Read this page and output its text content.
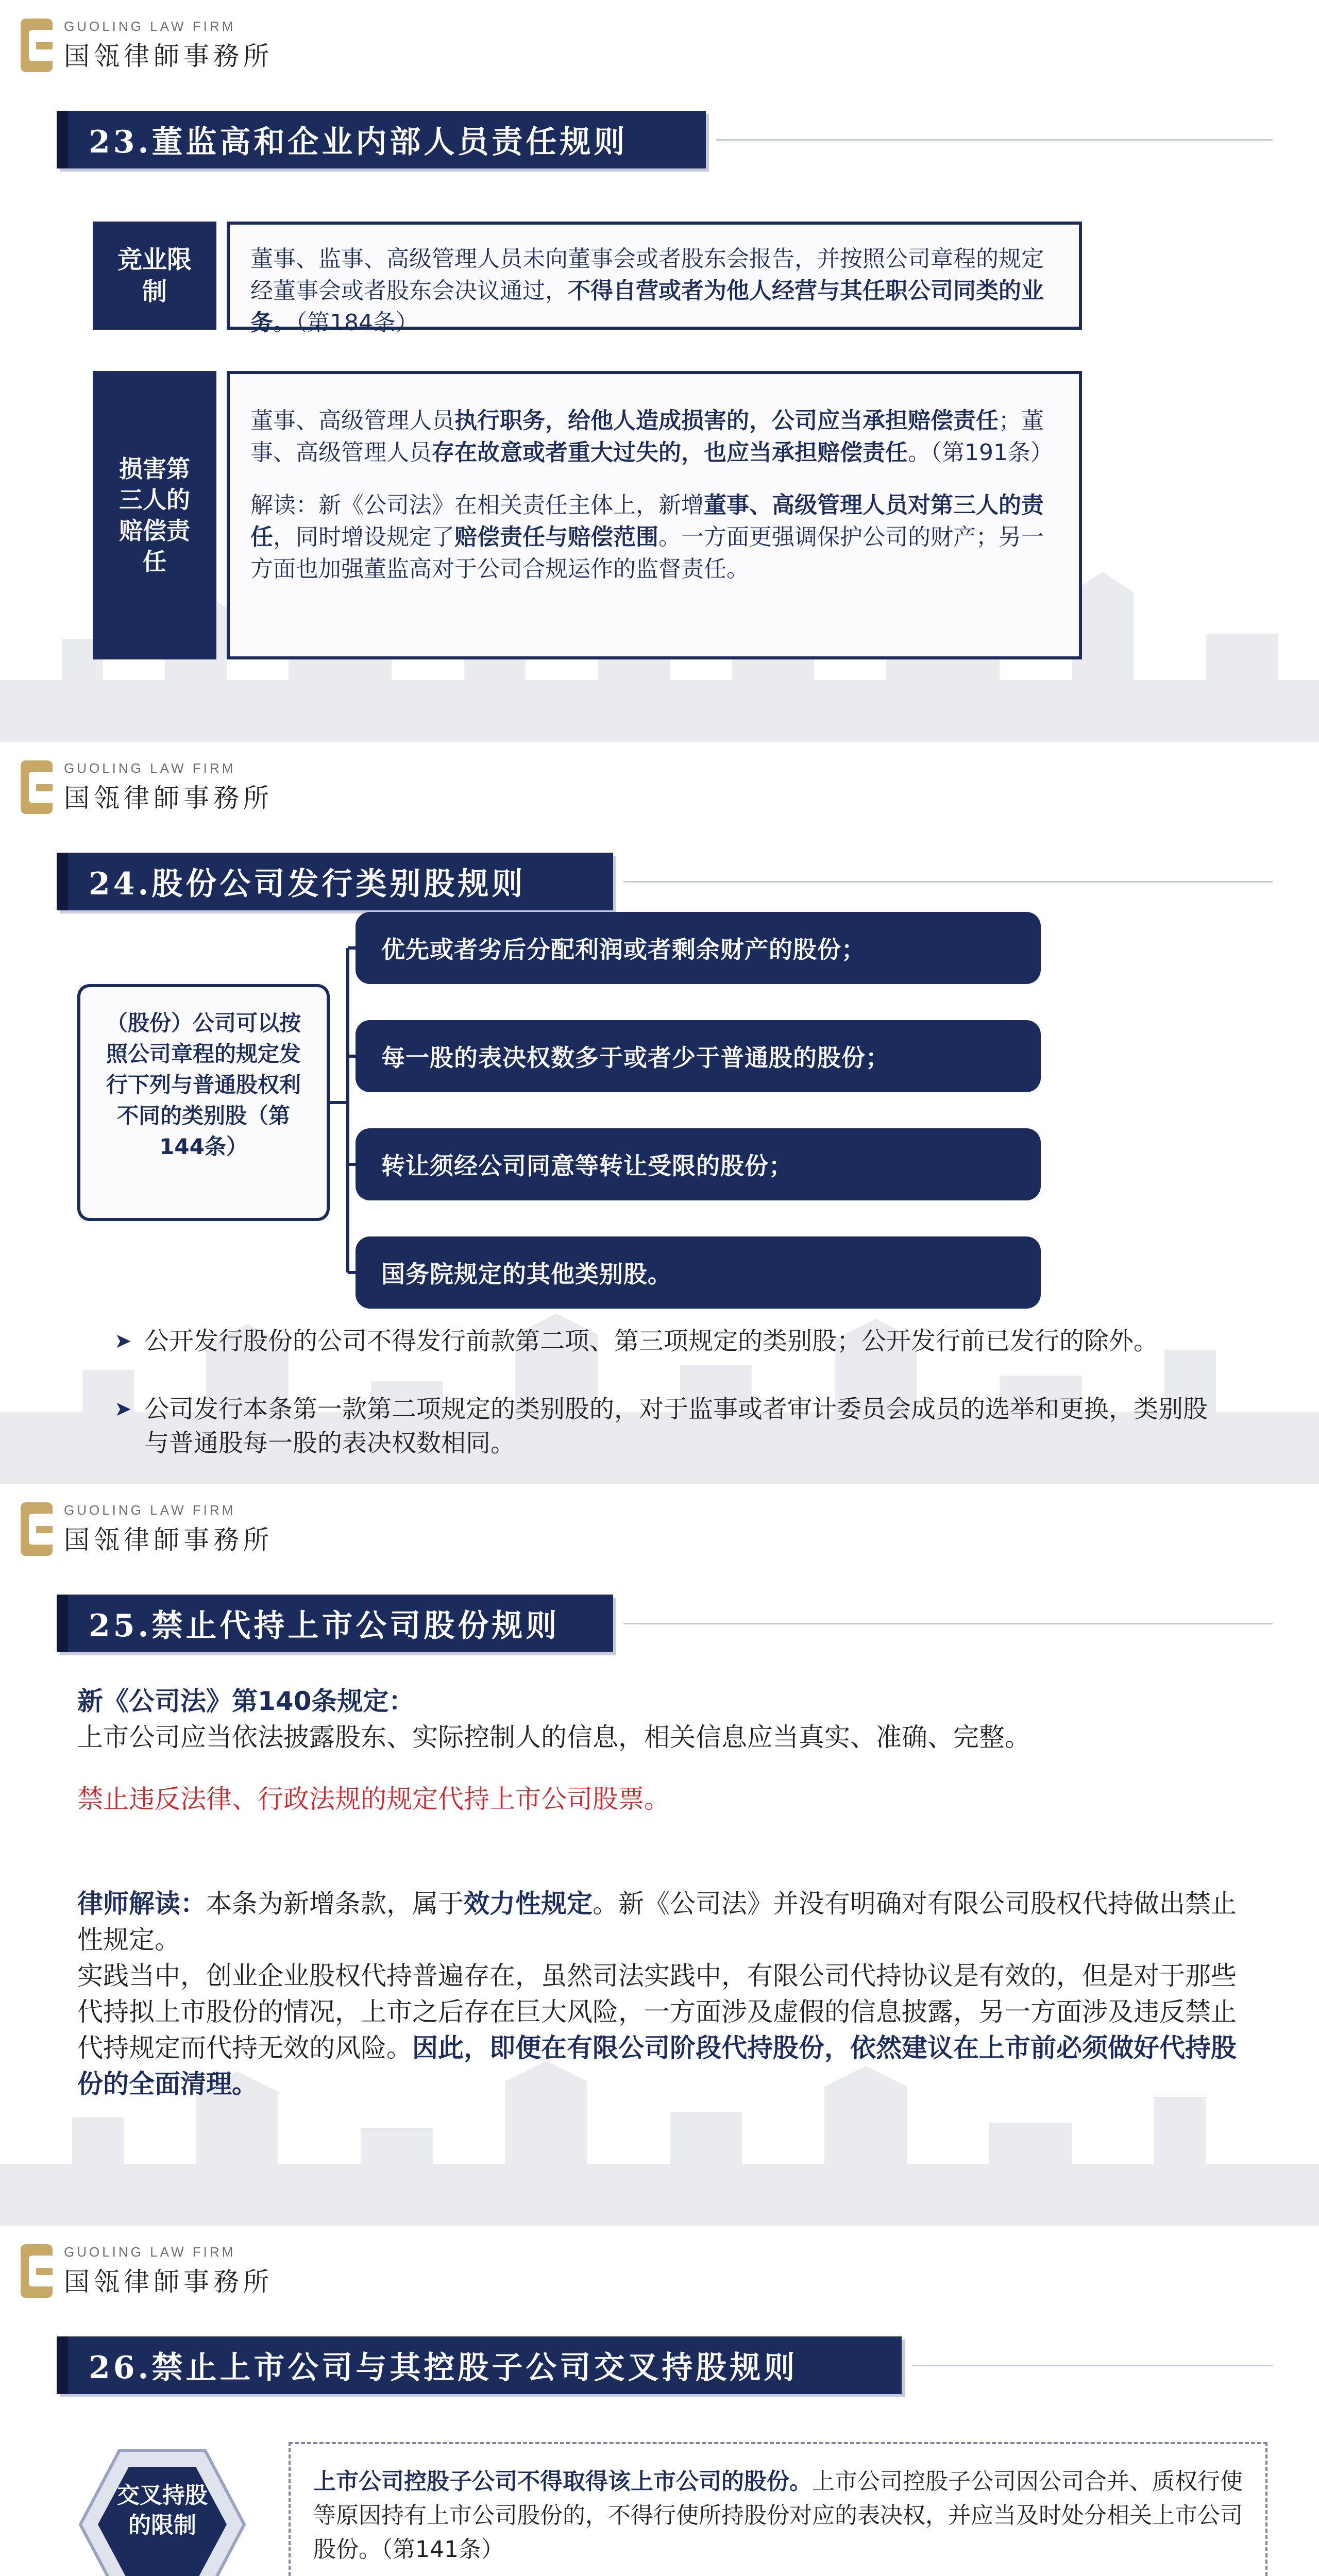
GUOLING LAW FIRM
国瓴律師事務所
23.董监高和企业内部人员责任规则
竞业限制
董事、监事、高级管理人员未向董事会或者股东会报告，并按照公司章程的规定经董事会或者股东会决议通过，不得自营或者为他人经营与其任职公司同类的业务。（第184条）
损害第三人的赔偿责任
董事、高级管理人员执行职务，给他人造成损害的，公司应当承担赔偿责任；董事、高级管理人员存在故意或者重大过失的，也应当承担赔偿责任。（第191条）
解读：新《公司法》在相关责任主体上，新增董事、高级管理人员对第三人的责任，同时增设规定了赔偿责任与赔偿范围。一方面更强调保护公司的财产；另一方面也加强董监高对于公司合规运作的监督责任。
GUOLING LAW FIRM
国瓴律師事務所
24.股份公司发行类别股规则
（股份）公司可以按照公司章程的规定发行下列与普通股权利不同的类别股（第144条）
优先或者劣后分配利润或者剩余财产的股份；
每一股的表决权数多于或者少于普通股的股份；
转让须经公司同意等转让受限的股份；
国务院规定的其他类别股。
➤ 公开发行股份的公司不得发行前款第二项、第三项规定的类别股；公开发行前已发行的除外。
➤ 公司发行本条第一款第二项规定的类别股的，对于监事或者审计委员会成员的选举和更换，类别股与普通股每一股的表决权数相同。
GUOLING LAW FIRM
国瓴律師事務所
25.禁止代持上市公司股份规则
新《公司法》第140条规定：
上市公司应当依法披露股东、实际控制人的信息，相关信息应当真实、准确、完整。
禁止违反法律、行政法规的规定代持上市公司股票。
律师解读：本条为新增条款，属于效力性规定。新《公司法》并没有明确对有限公司股权代持做出禁止性规定。
实践当中，创业企业股权代持普遍存在，虽然司法实践中，有限公司代持协议是有效的，但是对于那些代持拟上市股份的情况，上市之后存在巨大风险，一方面涉及虚假的信息披露，另一方面涉及违反禁止代持规定而代持无效的风险。因此，即便在有限公司阶段代持股份，依然建议在上市前必须做好代持股份的全面清理。
GUOLING LAW FIRM
国瓴律師事務所
26.禁止上市公司与其控股子公司交叉持股规则
交叉持股的限制
上市公司控股子公司不得取得该上市公司的股份。上市公司控股子公司因公司合并、质权行使等原因持有上市公司股份的，不得行使所持股份对应的表决权，并应当及时处分相关上市公司股份。（第141条）
